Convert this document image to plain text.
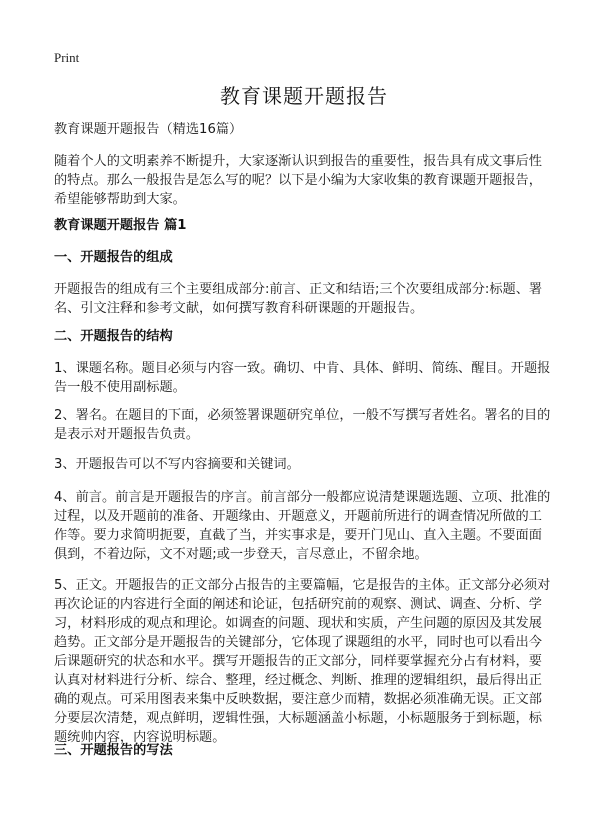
Print
教育课题开题报告

教育课题开题报告（精选16篇）

随着个人的文明素养不断提升，大家逐渐认识到报告的重要性，报告具有成文事后性的特点。那么一般报告是怎么写的呢？以下是小编为大家收集的教育课题开题报告，希望能够帮助到大家。

教育课题开题报告 篇1

一、开题报告的组成

开题报告的组成有三个主要组成部分:前言、正文和结语;三个次要组成部分:标题、署名、引文注释和参考文献，如何撰写教育科研课题的开题报告。

二、开题报告的结构

1、课题名称。题目必须与内容一致。确切、中肯、具体、鲜明、简练、醒目。开题报告一般不使用副标题。

2、署名。在题目的下面，必须签署课题研究单位，一般不写撰写者姓名。署名的目的是表示对开题报告负责。

3、开题报告可以不写内容摘要和关键词。

4、前言。前言是开题报告的序言。前言部分一般都应说清楚课题选题、立项、批准的过程，以及开题前的准备、开题缘由、开题意义，开题前所进行的调查情况所做的工作等。要力求简明扼要，直截了当，并实事求是，要开门见山、直入主题。不要面面俱到，不着边际，文不对题;或一步登天，言尽意止，不留余地。

5、正文。开题报告的正文部分占报告的主要篇幅，它是报告的主体。正文部分必须对再次论证的内容进行全面的阐述和论证，包括研究前的观察、测试、调查、分析、学习，材料形成的观点和理论。如调查的问题、现状和实质，产生问题的原因及其发展趋势。正文部分是开题报告的关键部分，它体现了课题组的水平，同时也可以看出今后课题研究的状态和水平。撰写开题报告的正文部分，同样要掌握充分占有材料，要认真对材料进行分析、综合、整理，经过概念、判断、推理的逻辑组织，最后得出正确的观点。可采用图表来集中反映数据，要注意少而精，数据必须准确无误。正文部分要层次清楚，观点鲜明，逻辑性强，大标题涵盖小标题，小标题服务于到标题，标题统帅内容，内容说明标题。

三、开题报告的写法
